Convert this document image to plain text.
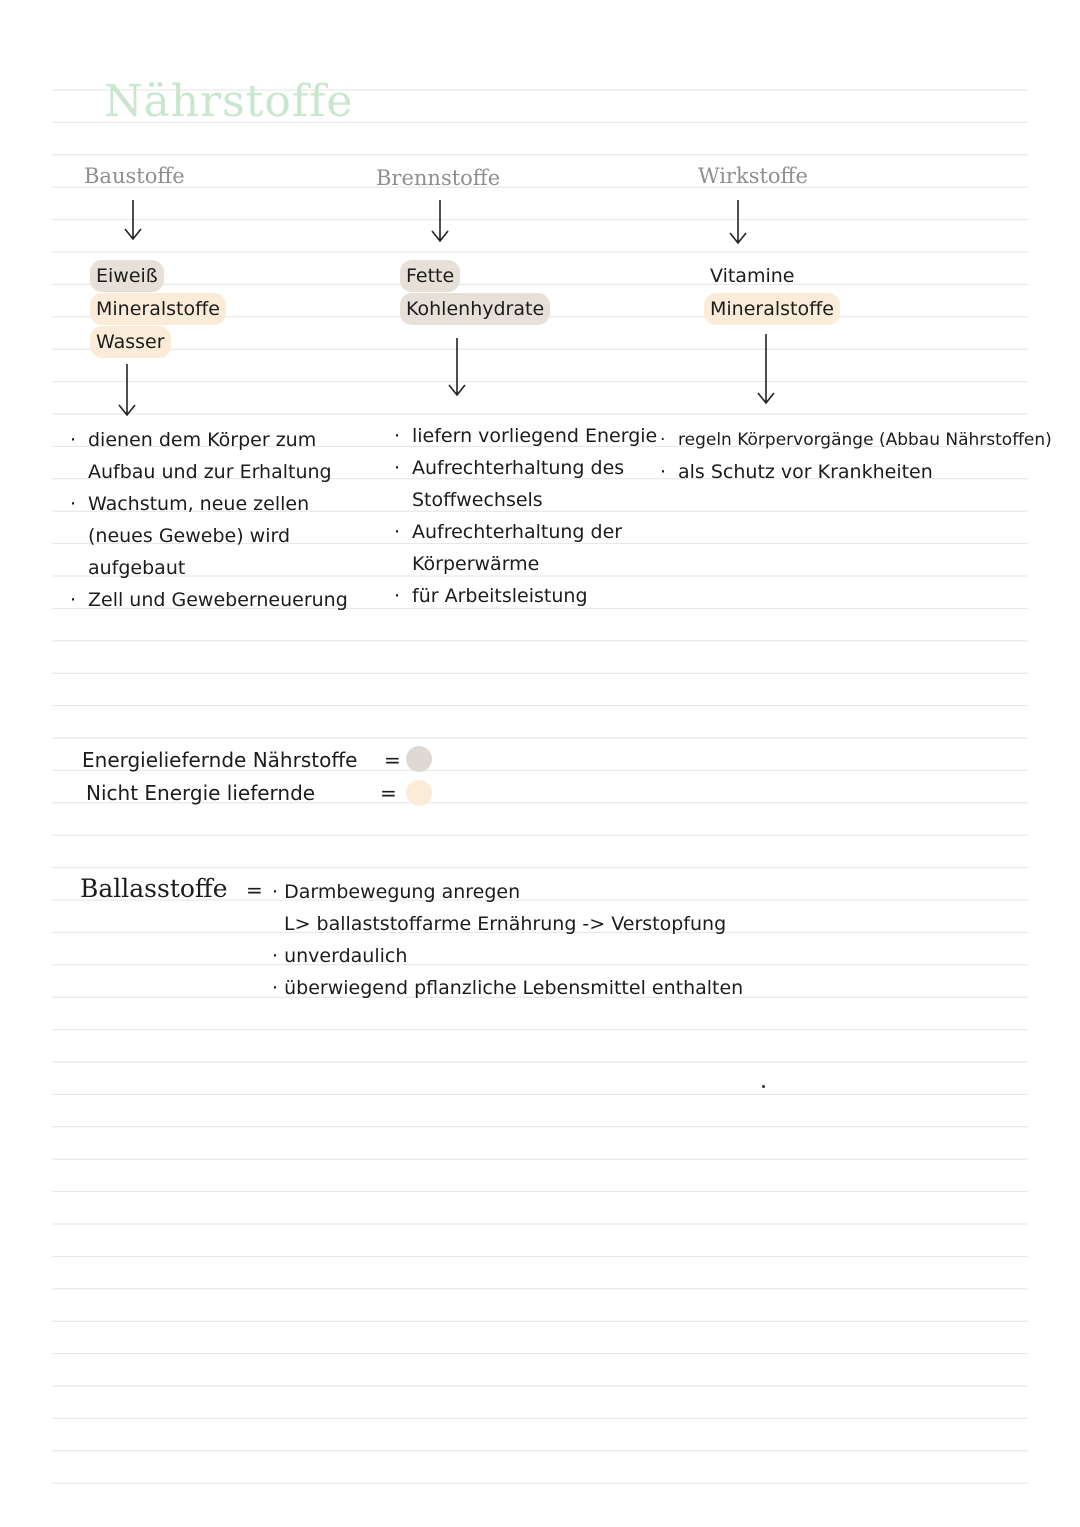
Nährstoffe
Baustoffe
Eiweiß
Mineralstoffe
Wasser
· dienen dem Körper zum Aufbau und zur Erhaltung
· Wachstum, neue zellen (neues Gewebe) wird aufgebaut
· Zell und Geweberneuerung
Brennstoffe
Fette
Kohlenhydrate
· liefern vorliegend Energie
· Aufrechterhaltung des Stoffwechsels
· Aufrechterhaltung der Körperwärme
· für Arbeitsleistung
Wirkstoffe
Vitamine
Mineralstoffe
· regeln Körpervorgänge (Abbau Nährstoffen)
· als Schutz vor Krankheiten
Energieliefernde Nährstoffe =
Nicht Energie liefernde	=
Ballasstoffe = · Darmbewegung anregen
L> ballaststoffarme Ernährung -> Verstopfung
· unverdaulich
· überwiegend pflanzliche Lebensmittel enthalten
